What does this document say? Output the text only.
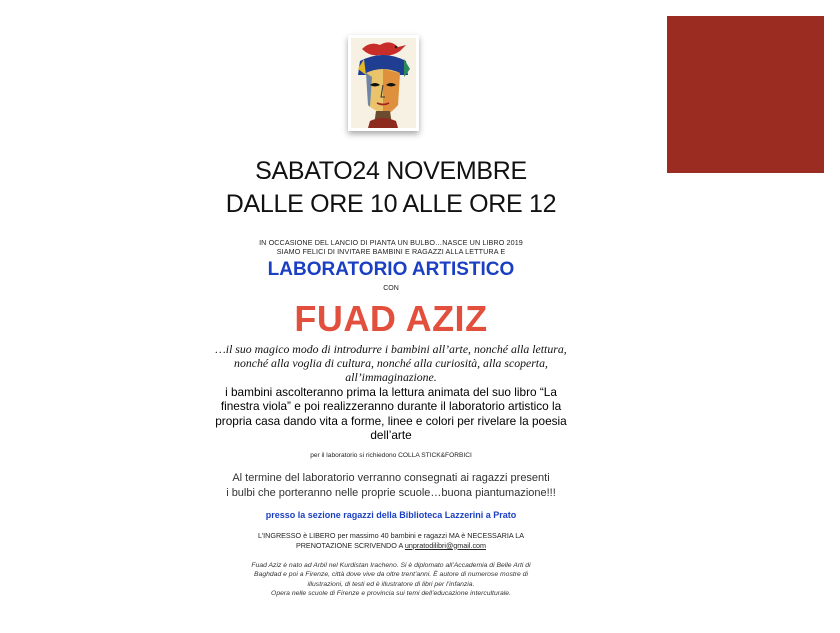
SABATO24 NOVEMBRE
DALLE ORE 10 ALLE ORE 12
IN OCCASIONE DEL LANCIO DI PIANTA UN BULBO…NASCE UN LIBRO 2019
SIAMO FELICI DI INVITARE BAMBINI E RAGAZZI ALLA LETTURA E
LABORATORIO ARTISTICO
CON
FUAD AZIZ
…il suo magico modo di introdurre i bambini all’arte, nonché alla lettura,
nonché alla voglia di cultura, nonché alla curiosità, alla scoperta,
all’immaginazione.
i bambini ascolteranno prima la lettura animata del suo libro “La
finestra viola” e poi realizzeranno durante il laboratorio artistico la
propria casa dando vita a forme, linee e colori per rivelare la poesia
dell’arte
per il laboratorio si richiedono COLLA STICK&FORBICI
Al termine del laboratorio verranno consegnati ai ragazzi presenti
i bulbi che porteranno nelle proprie scuole…buona piantumazione!!!
presso la sezione ragazzi della Biblioteca Lazzerini a Prato
L’INGRESSO è LIBERO per massimo 40 bambini e ragazzi MA è NECESSARIA LA
PRENOTAZIONE SCRIVENDO A unpratodilibri@gmail.com
Fuad Aziz è nato ad Arbil nel Kurdistan Iracheno. Si è diplomato all’Accademia di Belle Arti di
Baghdad e poi a Firenze, città dove vive da oltre trent’anni. È autore di numerose mostre di
illustrazioni, di testi ed è illustratore di libri per l’infanzia.
Opera nelle scuole di Firenze e provincia sui temi dell’educazione interculturale.
